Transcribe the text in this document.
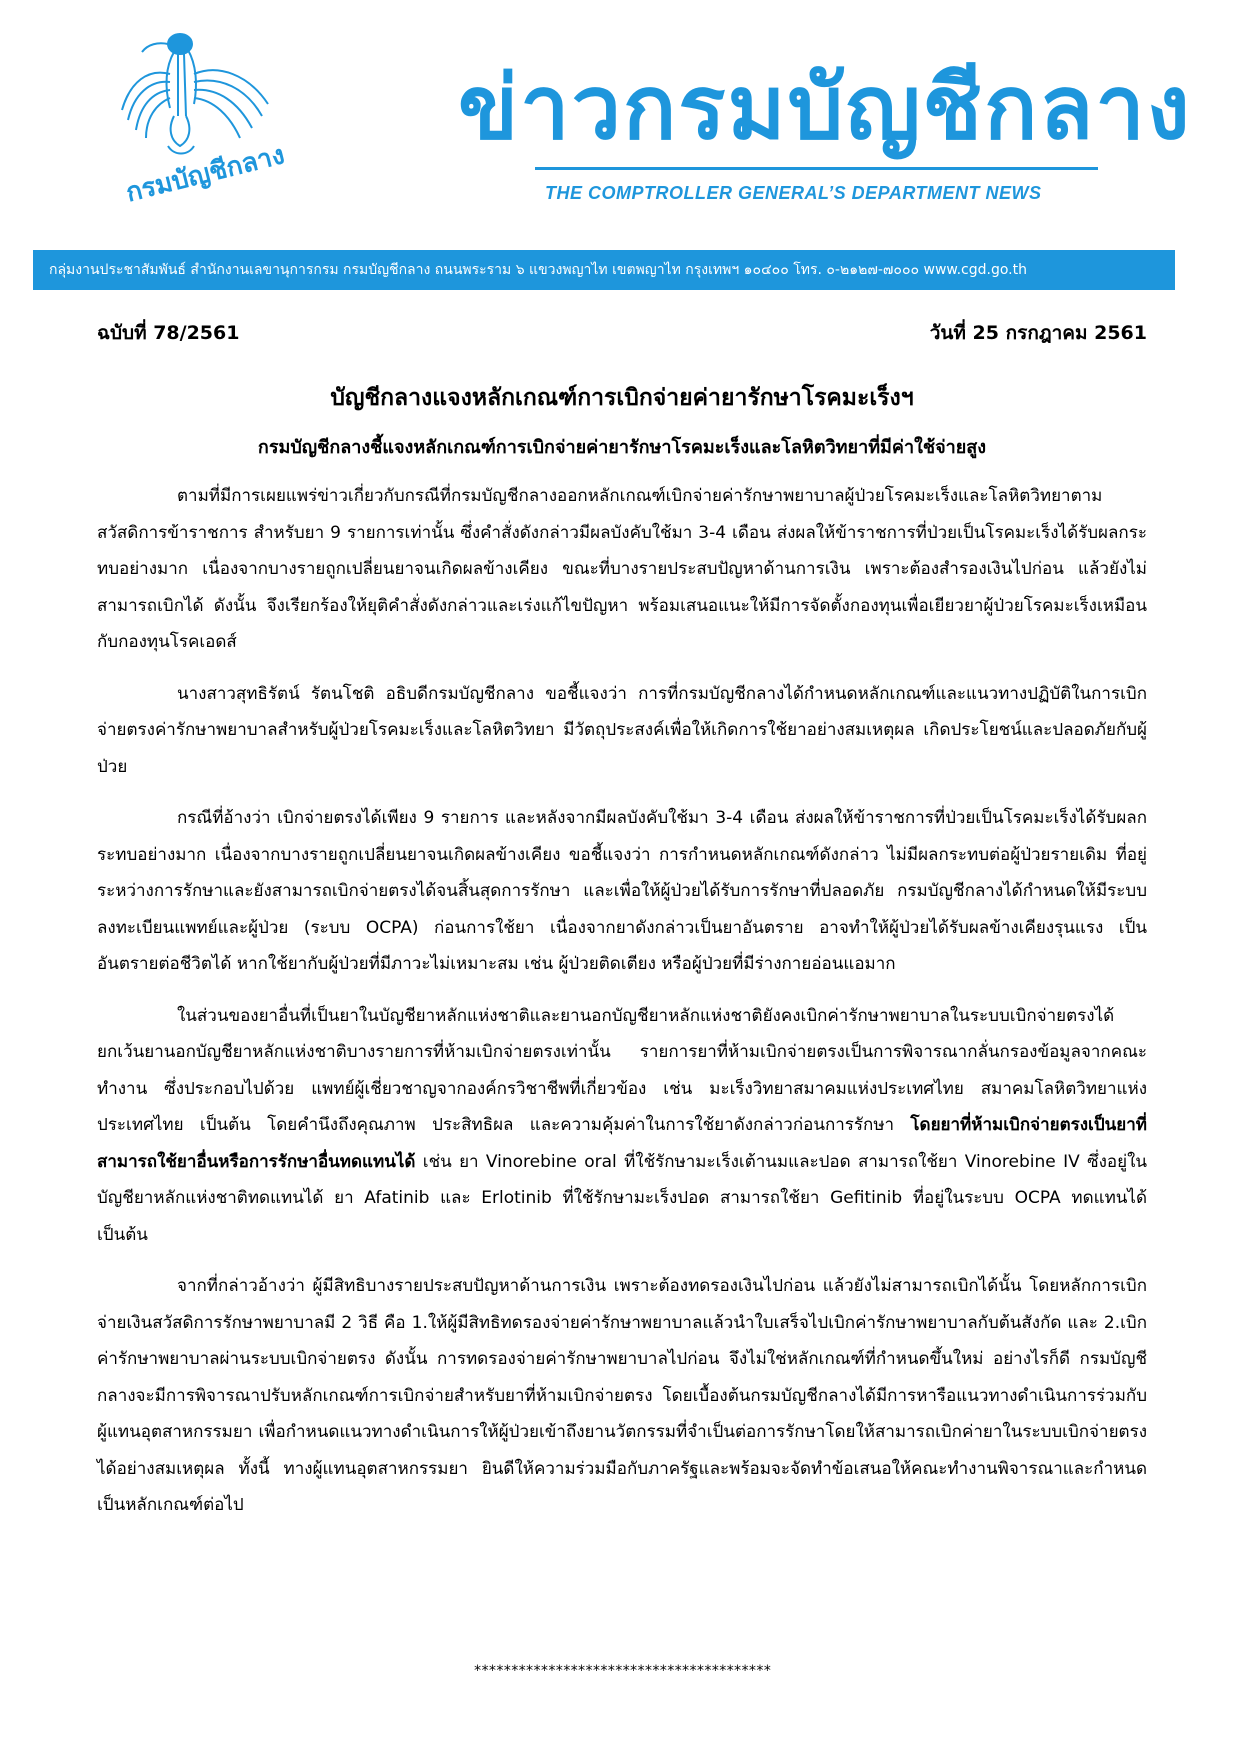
กรมบัญชีกลาง
ข่าวกรมบัญชีกลาง
THE COMPTROLLER GENERAL’S DEPARTMENT NEWS
กลุ่มงานประชาสัมพันธ์ สำนักงานเลขานุการกรม กรมบัญชีกลาง ถนนพระราม ๖ แขวงพญาไท เขตพญาไท กรุงเทพฯ ๑๐๔๐๐ โทร. ๐-๒๑๒๗-๗๐๐๐ www.cgd.go.th
ฉบับที่ 78/2561	วันที่ 25 กรกฎาคม 2561
บัญชีกลางแจงหลักเกณฑ์การเบิกจ่ายค่ายารักษาโรคมะเร็งฯ
กรมบัญชีกลางชี้แจงหลักเกณฑ์การเบิกจ่ายค่ายารักษาโรคมะเร็งและโลหิตวิทยาที่มีค่าใช้จ่ายสูง

ตามที่มีการเผยแพร่ข่าวเกี่ยวกับกรณีที่กรมบัญชีกลางออกหลักเกณฑ์เบิกจ่ายค่ารักษาพยาบาลผู้ป่วยโรคมะเร็งและโลหิตวิทยาตามสวัสดิการข้าราชการ สำหรับยา 9 รายการเท่านั้น ซึ่งคำสั่งดังกล่าวมีผลบังคับใช้มา 3-4 เดือน ส่งผลให้ข้าราชการที่ป่วยเป็นโรคมะเร็งได้รับผลกระทบอย่างมาก เนื่องจากบางรายถูกเปลี่ยนยาจนเกิดผลข้างเคียง ขณะที่บางรายประสบปัญหาด้านการเงิน เพราะต้องสำรองเงินไปก่อน แล้วยังไม่สามารถเบิกได้ ดังนั้น จึงเรียกร้องให้ยุติคำสั่งดังกล่าวและเร่งแก้ไขปัญหา พร้อมเสนอแนะให้มีการจัดตั้งกองทุนเพื่อเยียวยาผู้ป่วยโรคมะเร็งเหมือนกับกองทุนโรคเอดส์

นางสาวสุทธิรัตน์ รัตนโชติ อธิบดีกรมบัญชีกลาง ขอชี้แจงว่า การที่กรมบัญชีกลางได้กำหนดหลักเกณฑ์และแนวทางปฏิบัติในการเบิกจ่ายตรงค่ารักษาพยาบาลสำหรับผู้ป่วยโรคมะเร็งและโลหิตวิทยา มีวัตถุประสงค์เพื่อให้เกิดการใช้ยาอย่างสมเหตุผล เกิดประโยชน์และปลอดภัยกับผู้ป่วย

กรณีที่อ้างว่า เบิกจ่ายตรงได้เพียง 9 รายการ และหลังจากมีผลบังคับใช้มา 3-4 เดือน ส่งผลให้ข้าราชการที่ป่วยเป็นโรคมะเร็งได้รับผลกระทบอย่างมาก เนื่องจากบางรายถูกเปลี่ยนยาจนเกิดผลข้างเคียง ขอชี้แจงว่า การกำหนดหลักเกณฑ์ดังกล่าว ไม่มีผลกระทบต่อผู้ป่วยรายเดิม ที่อยู่ระหว่างการรักษาและยังสามารถเบิกจ่ายตรงได้จนสิ้นสุดการรักษา และเพื่อให้ผู้ป่วยได้รับการรักษาที่ปลอดภัย กรมบัญชีกลางได้กำหนดให้มีระบบลงทะเบียนแพทย์และผู้ป่วย (ระบบ OCPA) ก่อนการใช้ยา เนื่องจากยาดังกล่าวเป็นยาอันตราย อาจทำให้ผู้ป่วยได้รับผลข้างเคียงรุนแรง เป็นอันตรายต่อชีวิตได้ หากใช้ยากับผู้ป่วยที่มีภาวะไม่เหมาะสม เช่น ผู้ป่วยติดเตียง หรือผู้ป่วยที่มีร่างกายอ่อนแอมาก

ในส่วนของยาอื่นที่เป็นยาในบัญชียาหลักแห่งชาติและยานอกบัญชียาหลักแห่งชาติยังคงเบิกค่ารักษาพยาบาลในระบบเบิกจ่ายตรงได้ ยกเว้นยานอกบัญชียาหลักแห่งชาติบางรายการที่ห้ามเบิกจ่ายตรงเท่านั้น รายการยาที่ห้ามเบิกจ่ายตรงเป็นการพิจารณากลั่นกรองข้อมูลจากคณะทำงาน ซึ่งประกอบไปด้วย แพทย์ผู้เชี่ยวชาญจากองค์กรวิชาชีพที่เกี่ยวข้อง เช่น มะเร็งวิทยาสมาคมแห่งประเทศไทย สมาคมโลหิตวิทยาแห่งประเทศไทย เป็นต้น โดยคำนึงถึงคุณภาพ ประสิทธิผล และความคุ้มค่าในการใช้ยาดังกล่าวก่อนการรักษา โดยยาที่ห้ามเบิกจ่ายตรงเป็นยาที่สามารถใช้ยาอื่นหรือการรักษาอื่นทดแทนได้ เช่น ยา Vinorebine oral ที่ใช้รักษามะเร็งเต้านมและปอด สามารถใช้ยา Vinorebine IV ซึ่งอยู่ในบัญชียาหลักแห่งชาติทดแทนได้ ยา Afatinib และ Erlotinib ที่ใช้รักษามะเร็งปอด สามารถใช้ยา Gefitinib ที่อยู่ในระบบ OCPA ทดแทนได้ เป็นต้น

จากที่กล่าวอ้างว่า ผู้มีสิทธิบางรายประสบปัญหาด้านการเงิน เพราะต้องทดรองเงินไปก่อน แล้วยังไม่สามารถเบิกได้นั้น โดยหลักการเบิกจ่ายเงินสวัสดิการรักษาพยาบาลมี 2 วิธี คือ 1.ให้ผู้มีสิทธิทดรองจ่ายค่ารักษาพยาบาลแล้วนำใบเสร็จไปเบิกค่ารักษาพยาบาลกับต้นสังกัด และ 2.เบิกค่ารักษาพยาบาลผ่านระบบเบิกจ่ายตรง ดังนั้น การทดรองจ่ายค่ารักษาพยาบาลไปก่อน จึงไม่ใช่หลักเกณฑ์ที่กำหนดขึ้นใหม่ อย่างไรก็ดี กรมบัญชีกลางจะมีการพิจารณาปรับหลักเกณฑ์การเบิกจ่ายสำหรับยาที่ห้ามเบิกจ่ายตรง โดยเบื้องต้นกรมบัญชีกลางได้มีการหารือแนวทางดำเนินการร่วมกับผู้แทนอุตสาหกรรมยา เพื่อกำหนดแนวทางดำเนินการให้ผู้ป่วยเข้าถึงยานวัตกรรมที่จำเป็นต่อการรักษาโดยให้สามารถเบิกค่ายาในระบบเบิกจ่ายตรงได้อย่างสมเหตุผล ทั้งนี้ ทางผู้แทนอุตสาหกรรมยา ยินดีให้ความร่วมมือกับภาครัฐและพร้อมจะจัดทำข้อเสนอให้คณะทำงานพิจารณาและกำหนดเป็นหลักเกณฑ์ต่อไป

****************************************
